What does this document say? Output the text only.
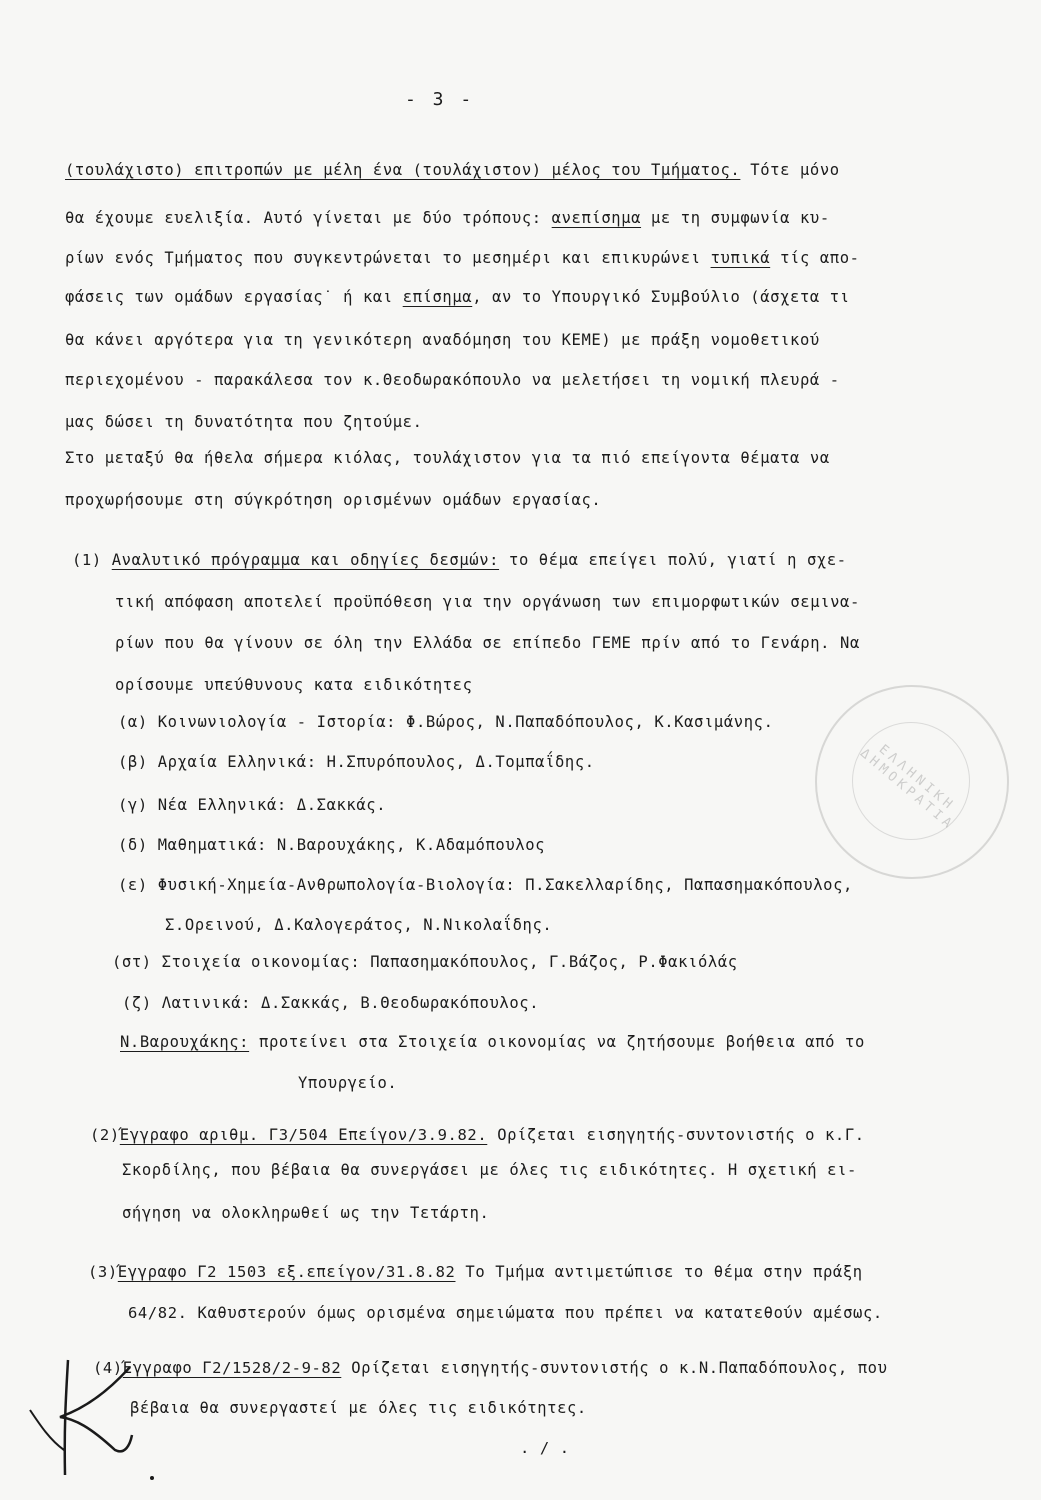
- 3 -
(τουλάχιστο) επιτροπών με μέλη ένα (τουλάχιστον) μέλος του Τμήματος. Τότε μόνο
θα έχουμε ευελιξία. Αυτό γίνεται με δύο τρόπους: ανεπίσημα με τη συμφωνία κυ-
ρίων ενός Τμήματος που συγκεντρώνεται το μεσημέρι και επικυρώνει τυπικά τίς απο-
φάσεις των ομάδων εργασίας˙ ή και επίσημα, αν το Υπουργικό Συμβούλιο (άσχετα τι
θα κάνει αργότερα για τη γενικότερη αναδόμηση του ΚΕΜΕ) με πράξη νομοθετικού
περιεχομένου - παρακάλεσα τον κ.Θεοδωρακόπουλο να μελετήσει τη νομική πλευρά -
μας δώσει τη δυνατότητα που ζητούμε.
Στο μεταξύ θα ήθελα σήμερα κιόλας, τουλάχιστον για τα πιό επείγοντα θέματα να
προχωρήσουμε στη σύγκρότηση ορισμένων ομάδων εργασίας.
(1) Αναλυτικό πρόγραμμα και οδηγίες δεσμών: το θέμα επείγει πολύ, γιατί η σχε-
τική απόφαση αποτελεί προϋπόθεση για την οργάνωση των επιμορφωτικών σεμινα-
ρίων που θα γίνουν σε όλη την Ελλάδα σε επίπεδο ΓΕΜΕ πρίν από το Γενάρη. Να
ορίσουμε υπεύθυνους κατα ειδικότητες
(α) Κοινωνιολογία - Ιστορία: Φ.Βώρος, Ν.Παπαδόπουλος, Κ.Κασιμάνης.
(β) Αρχαία Ελληνικά: Η.Σπυρόπουλος, Δ.Τομπαΐδης.
(γ) Νέα Ελληνικά: Δ.Σακκάς.
(δ) Μαθηματικά: Ν.Βαρουχάκης, Κ.Αδαμόπουλος
(ε) Φυσική-Χημεία-Ανθρωπολογία-Βιολογία: Π.Σακελλαρίδης, Παπασημακόπουλος,
Σ.Ορεινού, Δ.Καλογεράτος, Ν.Νικολαΐδης.
(στ) Στοιχεία οικονομίας: Παπασημακόπουλος, Γ.Βάζος, Ρ.Φακιόλάς
(ζ) Λατινικά: Δ.Σακκάς, Β.Θεοδωρακόπουλος.
Ν.Βαρουχάκης: προτείνει στα Στοιχεία οικονομίας να ζητήσουμε βοήθεια από το
Υπουργείο.
(2)Έγγραφο αριθμ. Γ3/504 Επείγον/3.9.82. Ορίζεται εισηγητής-συντονιστής ο κ.Γ.
Σκορδίλης, που βέβαια θα συνεργάσει με όλες τις ειδικότητες. Η σχετική ει-
σήγηση να ολοκληρωθεί ως την Τετάρτη.
(3)Έγγραφο Γ2 1503 εξ.επείγον/31.8.82 Το Τμήμα αντιμετώπισε το θέμα στην πράξη
64/82. Καθυστερούν όμως ορισμένα σημειώματα που πρέπει να κατατεθούν αμέσως.
(4)Έγγραφο Γ2/1528/2-9-82 Ορίζεται εισηγητής-συντονιστής ο κ.Ν.Παπαδόπουλος, που
βέβαια θα συνεργαστεί με όλες τις ειδικότητες.
. / .
ΕΛΛΗΝΙΚΗ ΔΗΜΟΚΡΑΤΙΑ
